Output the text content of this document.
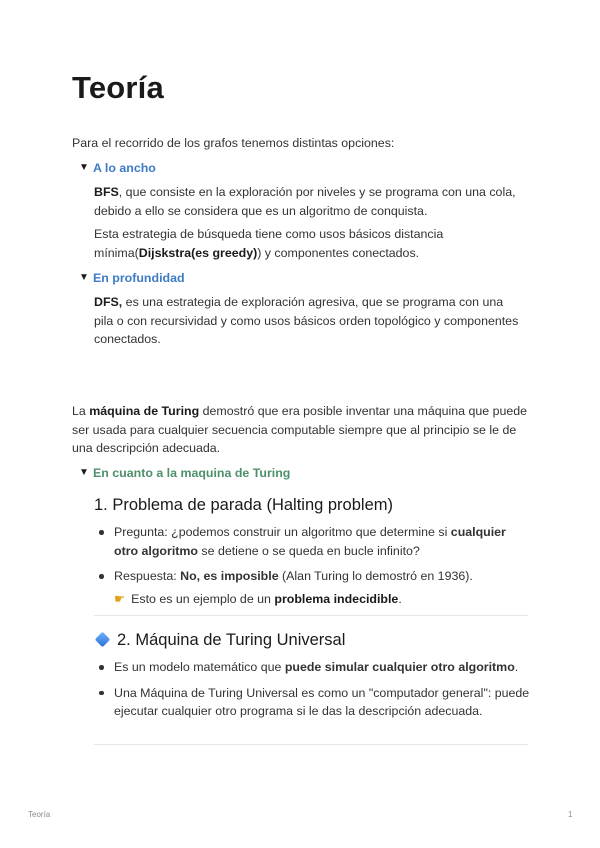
Teoría

Para el recorrido de los grafos tenemos distintas opciones:

▼ A lo ancho

BFS, que consiste en la exploración por niveles y se programa con una cola, debido a ello se considera que es un algoritmo de conquista.

Esta estrategia de búsqueda tiene como usos básicos distancia mínima(Dijskstra(es greedy)) y componentes conectados.

▼ En profundidad

DFS, es una estrategia de exploración agresiva, que se programa con una pila o con recursividad y como usos básicos orden topológico y componentes conectados.

La máquina de Turing demostró que era posible inventar una máquina que puede ser usada para cualquier secuencia computable siempre que al principio se le de una descripción adecuada.

▼ En cuanto a la maquina de Turing
1. Problema de parada (Halting problem)
Pregunta: ¿podemos construir un algoritmo que determine si cualquier otro algoritmo se detiene o se queda en bucle infinito?
Respuesta: No, es imposible (Alan Turing lo demostró en 1936).

☛ Esto es un ejemplo de un problema indecidible.

2. Máquina de Turing Universal
Es un modelo matemático que puede simular cualquier otro algoritmo.
Una Máquina de Turing Universal es como un "computador general": puede ejecutar cualquier otro programa si le das la descripción adecuada.
Teoría	1
